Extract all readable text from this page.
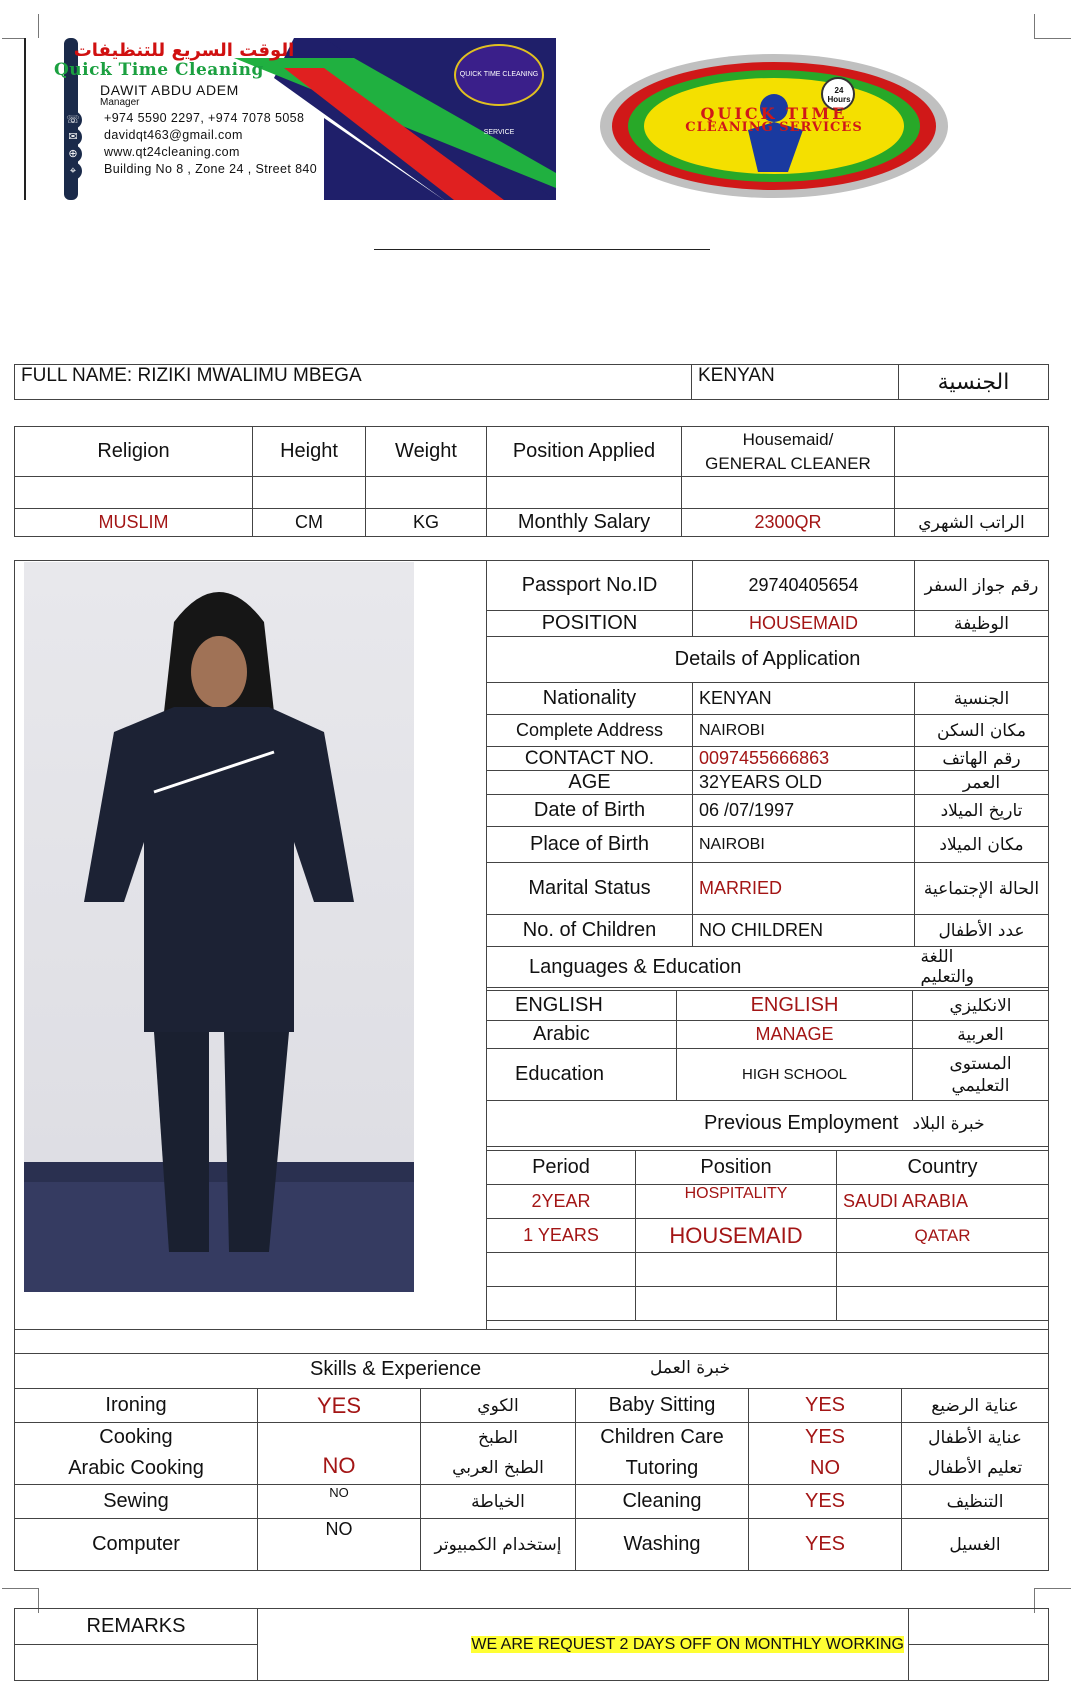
QUICK TIME CLEANING SERVICE
الوقت السريع للتنظيفات
Quick Time Cleaning
DAWIT ABDU ADEM
Manager
☏ +974 5590 2297, +974 7078 5058
✉	davidqt463@gmail.com
⊕	www.qt24cleaning.com
⌖	Building No 8 , Zone 24 , Street 840
24 Hours
QUICK TIME
CLEANING SERVICES
FULL NAME: RIZIKI MWALIMU MBEGA	KENYAN	الجنسية
Religion	Height	Weight	Position Applied	Housemaid/
GENERAL CLEANER	

MUSLIM	CM	KG	Monthly Salary	2300QR	الراتب الشهري
Passport No.ID	29740405654	رقم جواز السفر
POSITION	HOUSEMAID	الوظيفة
Details of Application		
Nationality	KENYAN	الجنسية
Complete Address	NAIROBI	مكان السكن
CONTACT NO.	0097455666863	رقم الهاتف
AGE	32YEARS OLD	العمر
Date of Birth	06 /07/1997	تاريخ الميلاد
Place of Birth	NAIROBI	مكان الميلاد
Marital Status	MARRIED	الحالة الإجتماعية
No. of Children	NO CHILDREN	عدد الأطفال
Languages & Education		اللغة والتعليم
ENGLISH	ENGLISH	الانكليزي
Arabic	MANAGE	العربية
Education	HIGH SCHOOL	المستوى التعليمي
Previous Employment		خبرة البلاد
Period	Position	Country
2YEAR	HOSPITALITY	SAUDI ARABIA
1 YEARS	HOUSEMAID	QATAR

Skills & Experience	خبرة العمل
Ironing	YES	الكوي	Baby Sitting	YES	عناية الرضيع
Cooking		الطبخ	Children Care	YES	عناية الأطفال
Arabic Cooking	NO	الطبخ العربي	Tutoring	NO	تعليم الأطفال
Sewing	NO	الخياطة	Cleaning	YES	التنظيف
Computer	NO	إستخدام الكمبيوتر	Washing	YES	الغسيل
REMARKS	WE ARE REQUEST 2 DAYS OFF ON MONTHLY WORKING	
